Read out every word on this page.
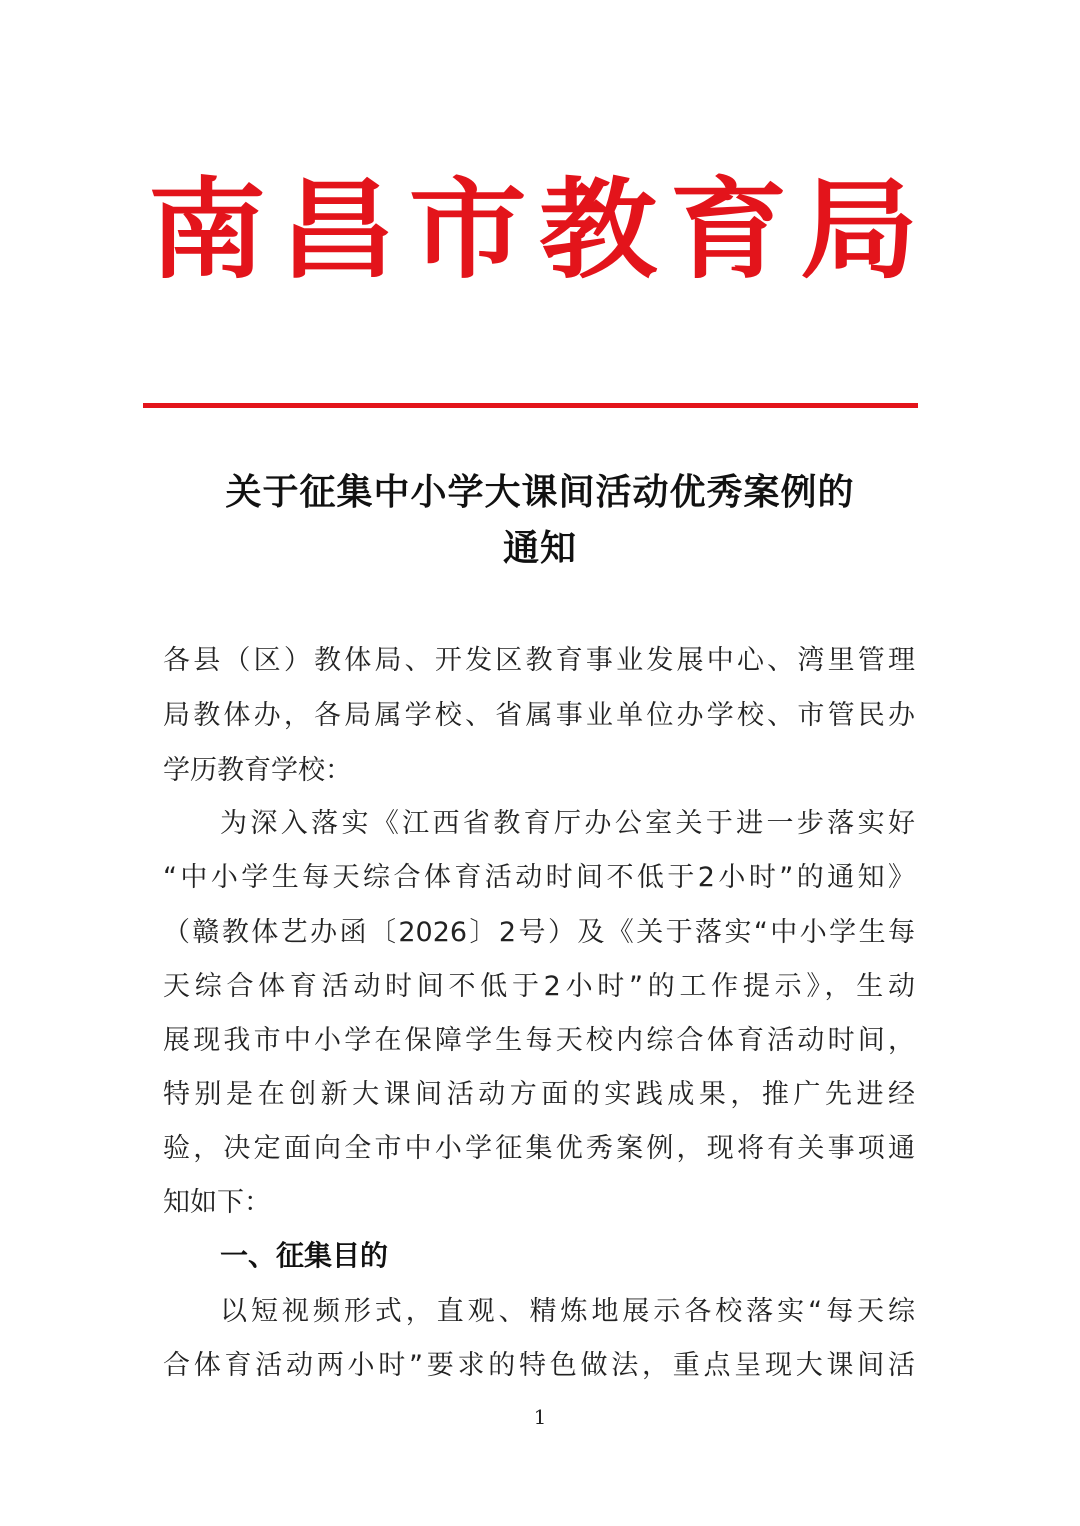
南 昌 市 教 育 局
关于征集中小学大课间活动优秀案例的
通知
各县（区）教体局、开发区教育事业发展中心、湾里管理
局教体办，各局属学校、省属事业单位办学校、市管民办
学历教育学校：
为深入落实《江西省教育厅办公室关于进一步落实好
“中小学生每天综合体育活动时间不低于2小时”的通知》
（赣教体艺办函〔2026〕2号）及《关于落实“中小学生每
天综合体育活动时间不低于2小时”的工作提示》，生动
展现我市中小学在保障学生每天校内综合体育活动时间，
特别是在创新大课间活动方面的实践成果，推广先进经
验，决定面向全市中小学征集优秀案例，现将有关事项通
知如下：
一、征集目的
以短视频形式，直观、精炼地展示各校落实“每天综
合体育活动两小时”要求的特色做法，重点呈现大课间活
1
